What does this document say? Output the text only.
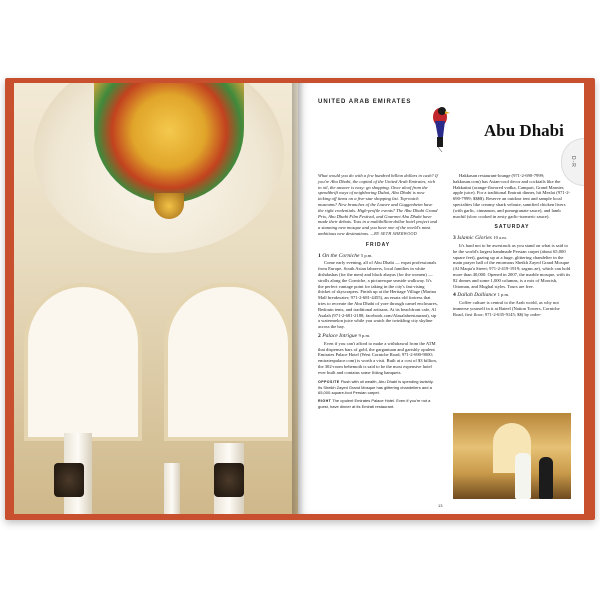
UNITED ARAB EMIRATES
Abu Dhabi
D-R

What would you do with a few hundred billion dollars in cash? If you're Abu Dhabi, the capital of the United Arab Emirates, rich in oil, the answer is easy: go shopping. Once aloof from the spendthrift ways of neighboring Dubai, Abu Dhabi is now ticking off items on a five-star shopping list. Top-notch museums? New branches of the Louvre and Guggenheim have the right credentials. High-profile events? The Abu Dhabi Grand Prix, Abu Dhabi Film Festival, and Gourmet Abu Dhabi have made their debuts. Toss in a multibillion-dollar hotel project and a stunning new mosque and you have one of the world's most ambitious new destinations. —BY SETH SHERWOOD

FRIDAY
1 On the Corniche 5 p.m.

Come early evening, all of Abu Dhabi — expat professionals from Europe, South Asian laborers, local families in white dishdashas (for the men) and black abayas (for the women) — strolls along the Corniche, a picturesque seaside walkway. It's the perfect vantage point for taking in the city's fast-rising thicket of skyscrapers. Finish up at the Heritage Village (Marina Mall breakwater; 971-2-681-4455), an ersatz old fortress that tries to recreate the Abu Dhabi of yore through camel enclosures, Bedouin tents, and traditional artisans. At its beachfront cafe, Al Asalah (971-2-681-2188; facebook.com/Alasalahrestaurant), sip a watermelon juice while you watch the twinkling city skyline across the bay.

2 Palace Intrigue 9 p.m.

Even if you can't afford to make a withdrawal from the ATM that dispenses bars of gold, the gargantuan and garishly opulent Emirates Palace Hotel (West Corniche Road; 971-2-690-9000; emiratespalace.com) is worth a visit. Built at a cost of $3 billion, the 302-room behemoth is said to be the most expensive hotel ever built and contains some fitting banquets.

OPPOSITE Flush with oil wealth, Abu Dhabi is spending lavishly. Its Sheikh Zayed Grand Mosque has glittering chandeliers and a 65,000-square-foot Persian carpet.

RIGHT The opulent Emirates Palace Hotel. Even if you're not a guest, have dinner at its Emirati restaurant.

Hakkasan restaurant-lounge (971-2-690-7999; hakkasan.com) has Asian-cool decor and cocktails like the Hakkatini (orange-flavored vodka, Campari, Grand Marnier, apple juice). For a traditional Emirati dinner, hit Mezlai (971-2-690-7999; $$$$). Reserve an outdoor tent and sample local specialties like creamy shark veloute, samified chicken livers (with garlic, cinnamon, and pomegranate sauce), and lamb machif (slow cooked in zesty garlic-turmeric sauce).

SATURDAY
3 Islamic Glories 10 a.m.

It's hard not to be awestruck as you stand on what is said to be the world's largest handmade Persian carpet (about 65,000 square feet), gazing up at a huge, glittering chandelier in the main prayer hall of the enormous Sheikh Zayed Grand Mosque (Al Maqta'a Street; 971-2-419-1919; szgmc.ae), which can hold more than 40,000. Opened in 2007, the marble mosque, with its 82 domes and some 1,000 columns, is a mix of Moorish, Ottoman, and Mughal styles. Tours are free.

4 Dallah Dalliance 1 p.m.

Coffee culture is central to the Arab world, as why not immerse yourself in it at Bateel (Nation Towers, Corniche Road, first floor; 971-2-635-9145; $$) by order-

13
